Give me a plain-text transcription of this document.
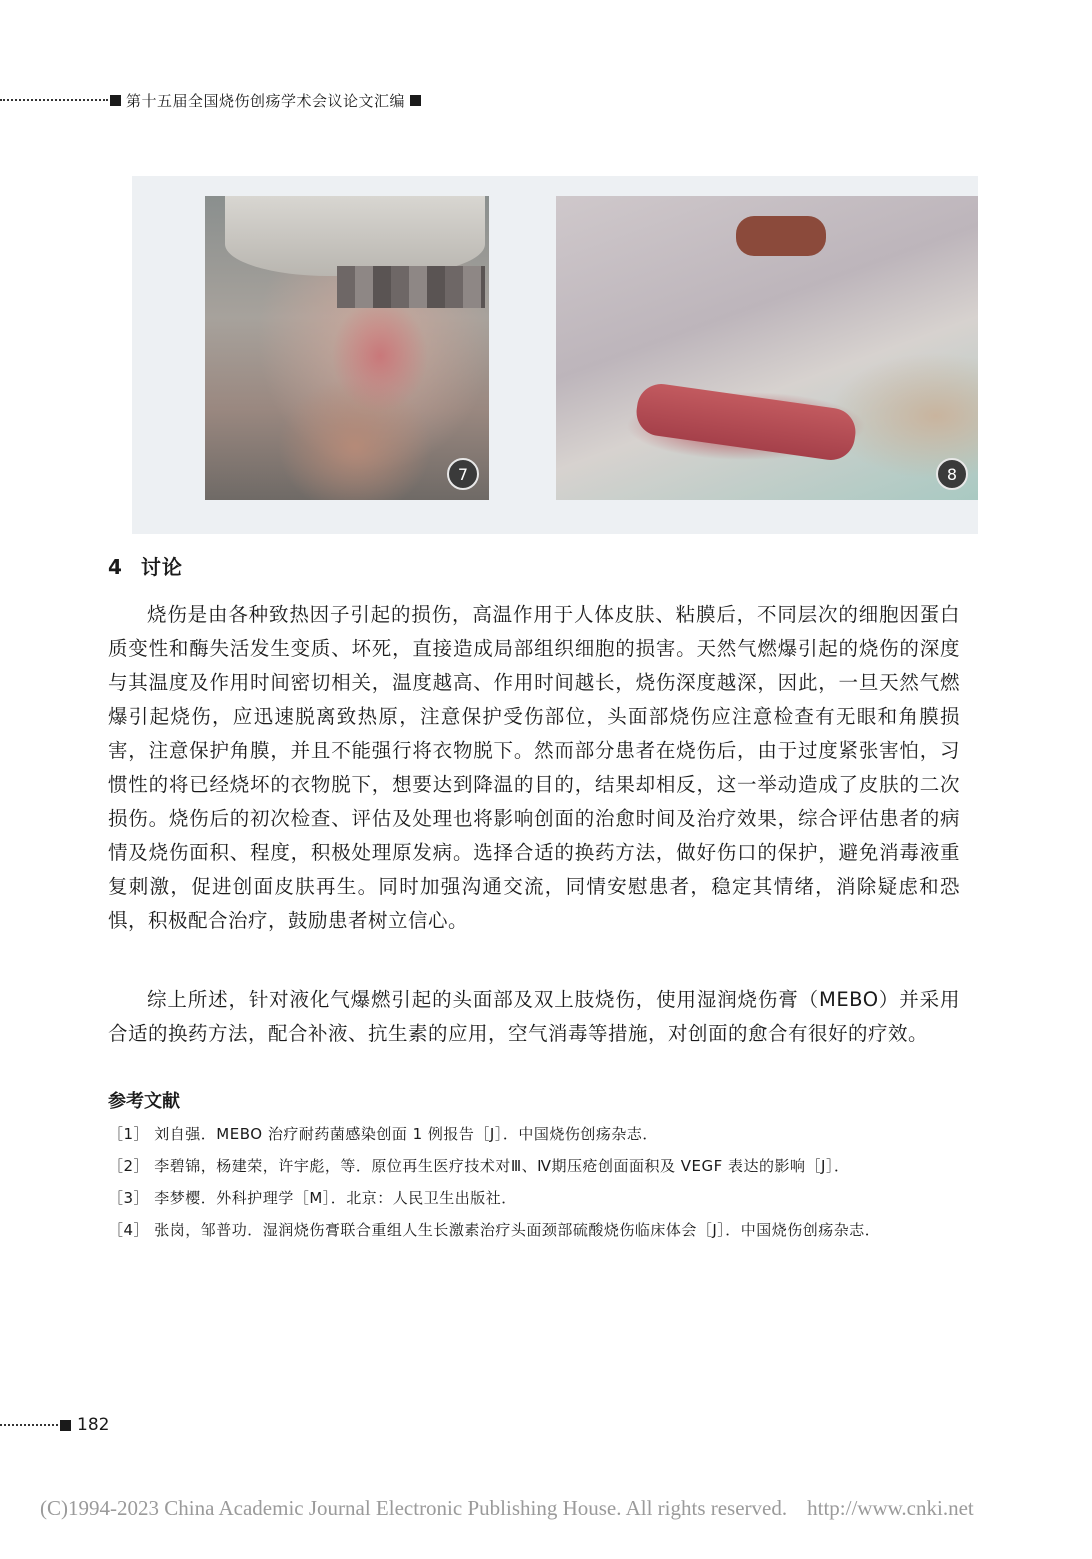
第十五届全国烧伤创疡学术会议论文汇编
7	8
4 讨论

烧伤是由各种致热因子引起的损伤，高温作用于人体皮肤、粘膜后，不同层次的细胞因蛋白质变性和酶失活发生变质、坏死，直接造成局部组织细胞的损害。天然气燃爆引起的烧伤的深度与其温度及作用时间密切相关，温度越高、作用时间越长，烧伤深度越深，因此，一旦天然气燃爆引起烧伤，应迅速脱离致热原，注意保护受伤部位，头面部烧伤应注意检查有无眼和角膜损害，注意保护角膜，并且不能强行将衣物脱下。然而部分患者在烧伤后，由于过度紧张害怕，习惯性的将已经烧坏的衣物脱下，想要达到降温的目的，结果却相反，这一举动造成了皮肤的二次损伤。烧伤后的初次检查、评估及处理也将影响创面的治愈时间及治疗效果，综合评估患者的病情及烧伤面积、程度，积极处理原发病。选择合适的换药方法，做好伤口的保护，避免消毒液重复刺激，促进创面皮肤再生。同时加强沟通交流，同情安慰患者，稳定其情绪，消除疑虑和恐惧，积极配合治疗，鼓励患者树立信心。

综上所述，针对液化气爆燃引起的头面部及双上肢烧伤，使用湿润烧伤膏（MEBO）并采用合适的换药方法，配合补液、抗生素的应用，空气消毒等措施，对创面的愈合有很好的疗效。

参考文献
［1］ 刘自强．MEBO 治疗耐药菌感染创面 1 例报告［J］．中国烧伤创疡杂志．
［2］ 李碧锦，杨建荣，许宇彪，等．原位再生医疗技术对Ⅲ、Ⅳ期压疮创面面积及 VEGF 表达的影响［J］．
［3］ 李梦樱．外科护理学［M］．北京：人民卫生出版社．
［4］ 张岗，邹普功．湿润烧伤膏联合重组人生长激素治疗头面颈部硫酸烧伤临床体会［J］．中国烧伤创疡杂志．
182
(C)1994-2023 China Academic Journal Electronic Publishing House. All rights reserved. http://www.cnki.net
